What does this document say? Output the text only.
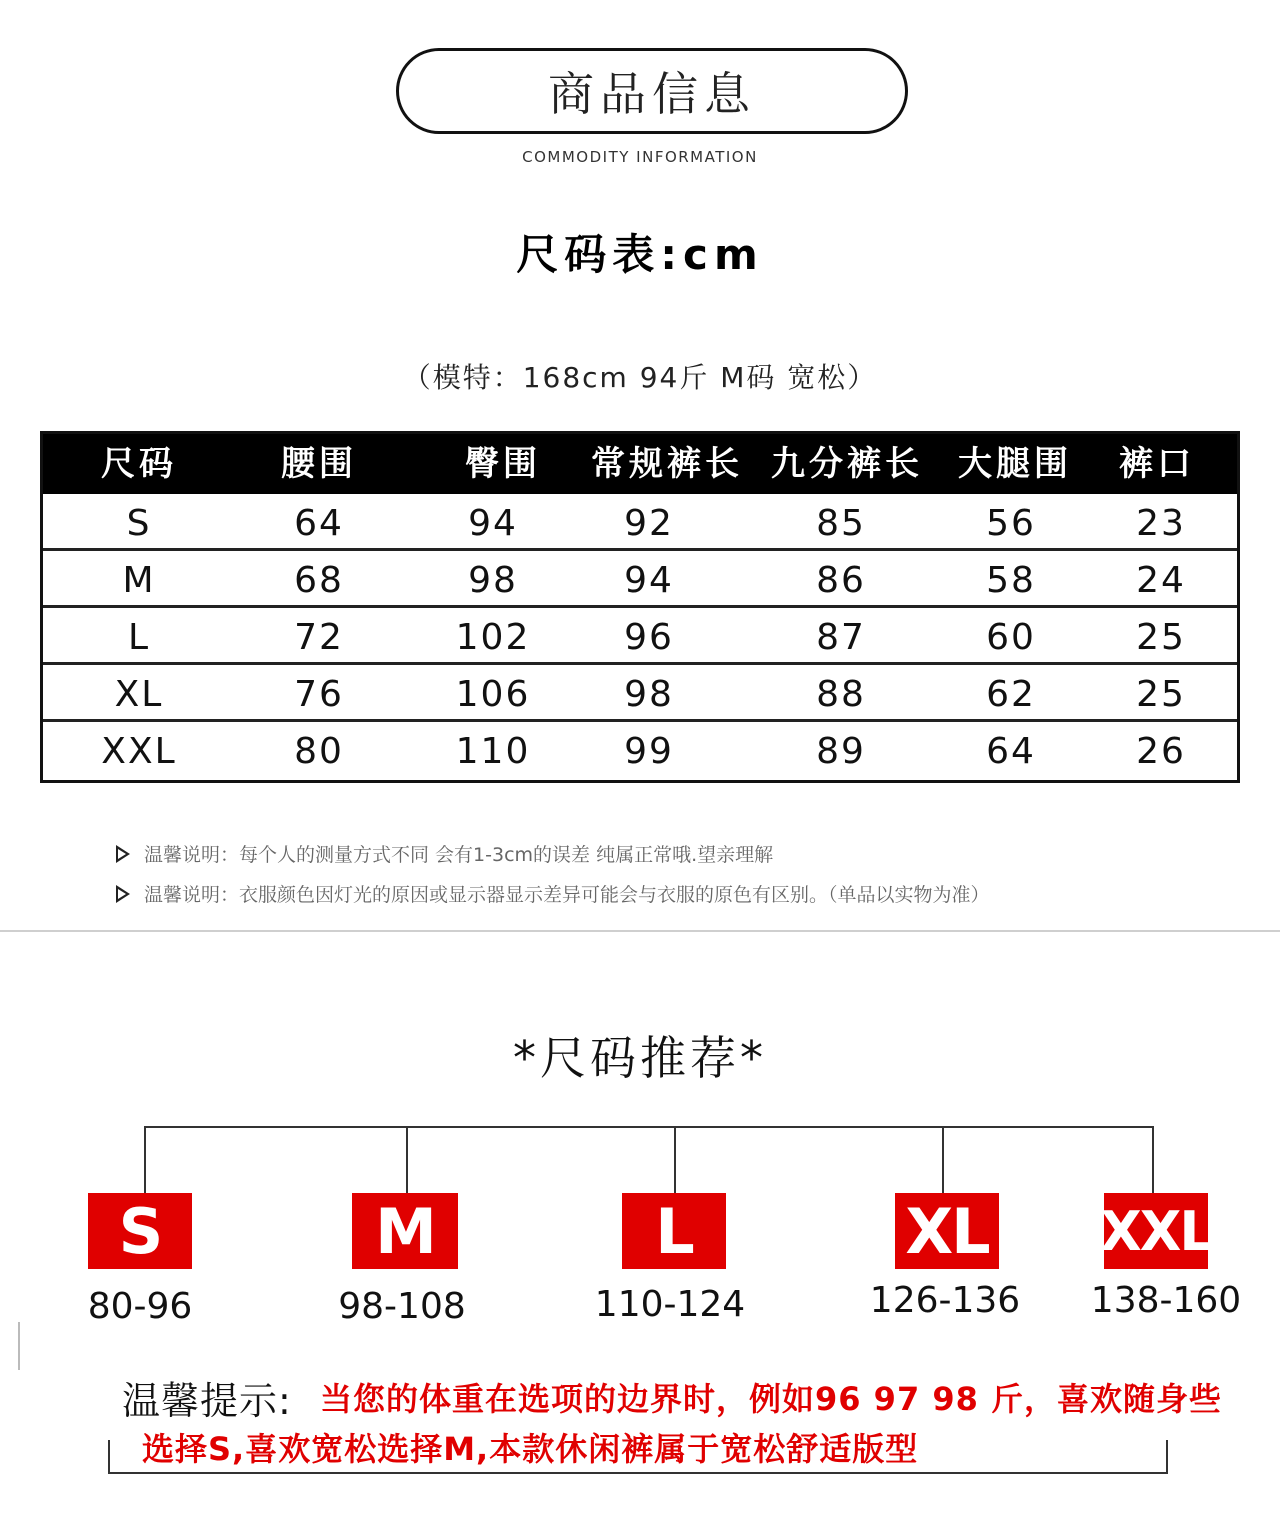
商品信息
COMMODITY INFORMATION
尺码表:cm
（模特：168cm 94斤 M码 宽松）
尺码	腰围	臀围 常规裤长 九分裤长 大腿围 裤口
S	64	94	92	85	56	23
M	68	98	94	86	58	24
L	72	102	96	87	60	25
XL	76	106	98	88	62	25
XXL	80	110	99	89	64	26
温馨说明：每个人的测量方式不同 会有1-3cm的误差 纯属正常哦.望亲理解
温馨说明：衣服颜色因灯光的原因或显示器显示差异可能会与衣服的原色有区别。（单品以实物为准）
*尺码推荐*
S	M	L	XL XXL
80-96	98-108	110-124	126-136 138-160
温馨提示: 当您的体重在选项的边界时，例如96 97 98 斤，喜欢随身些
选择S,喜欢宽松选择M,本款休闲裤属于宽松舒适版型
